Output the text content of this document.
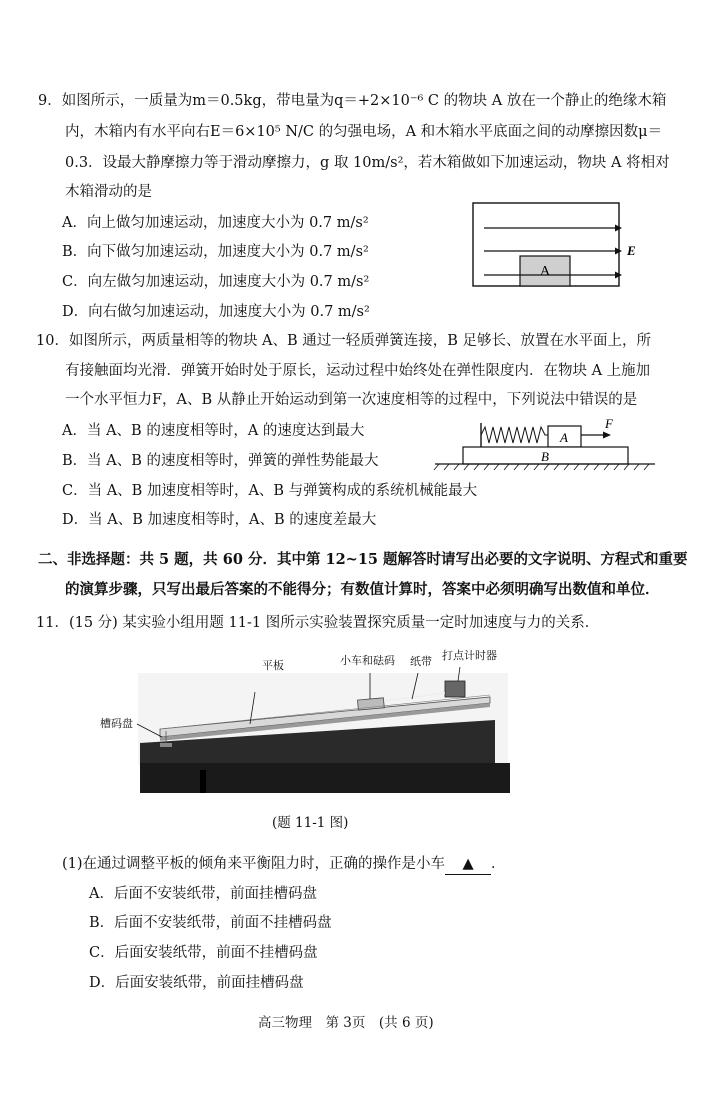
9．如图所示，一质量为m＝0.5kg，带电量为q＝+2×10⁻⁶ C 的物块 A 放在一个静止的绝缘木箱
内，木箱内有水平向右E＝6×10⁵ N/C 的匀强电场，A 和木箱水平底面之间的动摩擦因数μ＝
0.3．设最大静摩擦力等于滑动摩擦力，g 取 10m/s²，若木箱做如下加速运动，物块 A 将相对
木箱滑动的是
A．向上做匀加速运动，加速度大小为 0.7 m/s²
B．向下做匀加速运动，加速度大小为 0.7 m/s²
C．向左做匀加速运动，加速度大小为 0.7 m/s²
D．向右做匀加速运动，加速度大小为 0.7 m/s²
A
E
10．如图所示，两质量相等的物块 A、B 通过一轻质弹簧连接，B 足够长、放置在水平面上，所
有接触面均光滑．弹簧开始时处于原长，运动过程中始终处在弹性限度内．在物块 A 上施加
一个水平恒力F，A、B 从静止开始运动到第一次速度相等的过程中，下列说法中错误的是
A．当 A、B 的速度相等时，A 的速度达到最大
B．当 A、B 的速度相等时，弹簧的弹性势能最大
C．当 A、B 加速度相等时，A、B 与弹簧构成的系统机械能最大
D．当 A、B 加速度相等时，A、B 的速度差最大
A
F
B
二、非选择题：共 5 题，共 60 分．其中第 12~15 题解答时请写出必要的文字说明、方程式和重要
的演算步骤，只写出最后答案的不能得分；有数值计算时，答案中必须明确写出数值和单位．
11．(15 分) 某实验小组用题 11-1 图所示实验装置探究质量一定时加速度与力的关系．
平板	小车和砝码 纸带 打点计时器
槽码盘
(题 11-1 图)
(1)在通过调整平板的倾角来平衡阻力时，正确的操作是小车 ▲ ．
A．后面不安装纸带，前面挂槽码盘
B．后面不安装纸带，前面不挂槽码盘
C．后面安装纸带，前面不挂槽码盘
D．后面安装纸带，前面挂槽码盘
高三物理　第 3页　(共 6 页)
